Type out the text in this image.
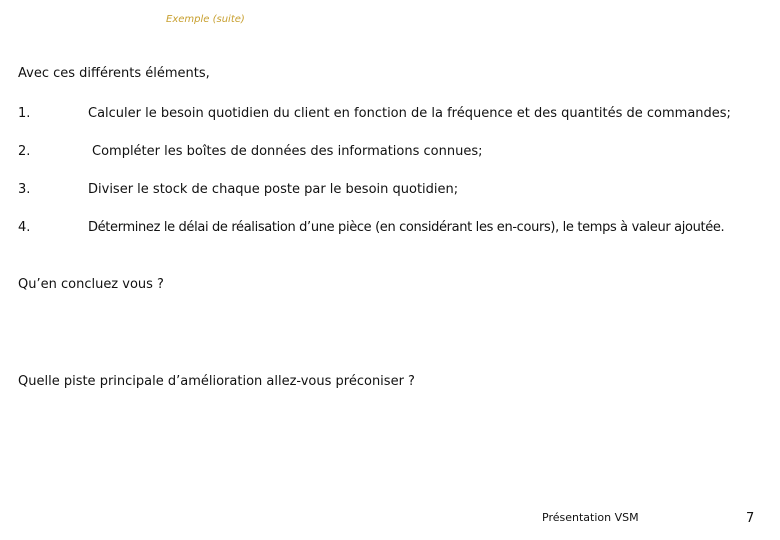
Exemple (suite)
Avec ces différents éléments,
1.	Calculer le besoin quotidien du client en fonction de la fréquence et des quantités de commandes;
2.	Compléter les boîtes de données des informations connues;
3.	Diviser le stock de chaque poste par le besoin quotidien;
4.	Déterminez le délai de réalisation d’une pièce (en considérant les en-cours), le temps à valeur ajoutée.
Qu’en concluez vous ?
Quelle piste principale d’amélioration allez-vous préconiser ?
Présentation VSM	7
